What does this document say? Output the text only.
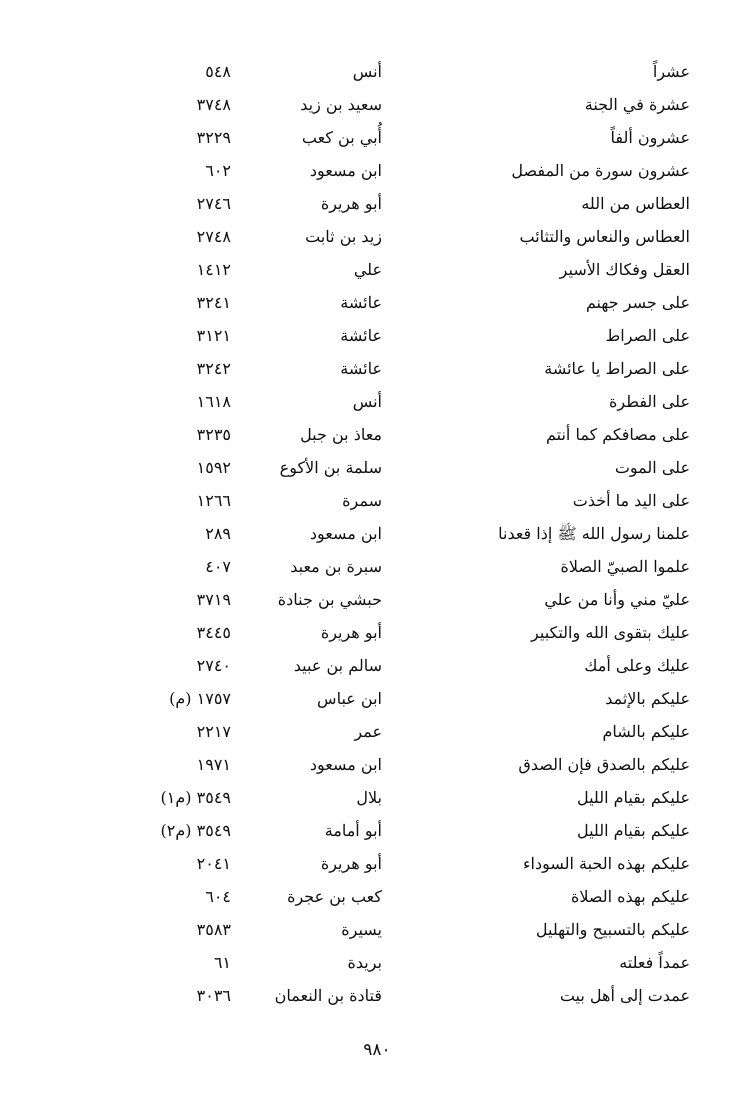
عشراً
أنس
٥٤٨
عشرة في الجنة
سعيد بن زيد
٣٧٤٨
عشرون ألفاً
أُبي بن كعب
٣٢٢٩
عشرون سورة من المفصل
ابن مسعود
٦٠٢
العطاس من الله
أبو هريرة
٢٧٤٦
العطاس والنعاس والتثائب
زيد بن ثابت
٢٧٤٨
العقل وفكاك الأسير
علي
١٤١٢
على جسر جهنم
عائشة
٣٢٤١
على الصراط
عائشة
٣١٢١
على الصراط يا عائشة
عائشة
٣٢٤٢
على الفطرة
أنس
١٦١٨
على مصافكم كما أنتم
معاذ بن جبل
٣٢٣٥
على الموت
سلمة بن الأكوع
١٥٩٢
على اليد ما أخذت
سمرة
١٢٦٦
علمنا رسول الله ﷺ إذا قعدنا
ابن مسعود
٢٨٩
علموا الصبيّ الصلاة
سبرة بن معبد
٤٠٧
عليّ مني وأنا من علي
حبشي بن جنادة
٣٧١٩
عليك بتقوى الله والتكبير
أبو هريرة
٣٤٤٥
عليك وعلى أمك
سالم بن عبيد
٢٧٤٠
عليكم بالإثمد
ابن عباس
١٧٥٧ (م)
عليكم بالشام
عمر
٢٢١٧
عليكم بالصدق فإن الصدق
ابن مسعود
١٩٧١
عليكم بقيام الليل
بلال
٣٥٤٩ (م١)
عليكم بقيام الليل
أبو أمامة
٣٥٤٩ (م٢)
عليكم بهذه الحبة السوداء
أبو هريرة
٢٠٤١
عليكم بهذه الصلاة
كعب بن عجرة
٦٠٤
عليكم بالتسبيح والتهليل
يسيرة
٣٥٨٣
عمداً فعلته
بريدة
٦١
عمدت إلى أهل بيت
قتادة بن النعمان
٣٠٣٦
٩٨٠
